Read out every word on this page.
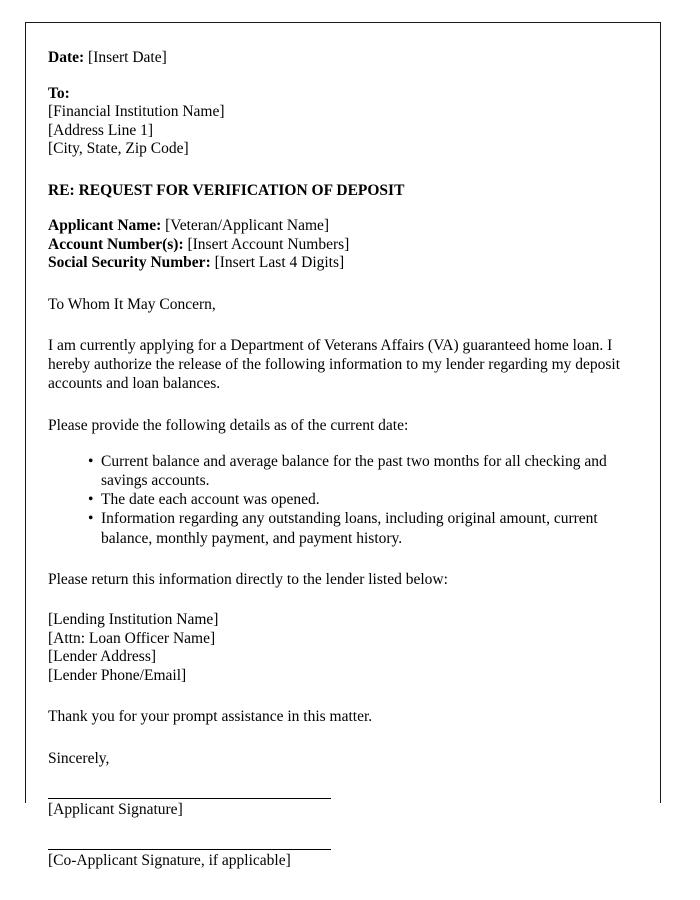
Date: [Insert Date]
To:
[Financial Institution Name]
[Address Line 1]
[City, State, Zip Code]
RE: REQUEST FOR VERIFICATION OF DEPOSIT
Applicant Name: [Veteran/Applicant Name]
Account Number(s): [Insert Account Numbers]
Social Security Number: [Insert Last 4 Digits]
To Whom It May Concern,
I am currently applying for a Department of Veterans Affairs (VA) guaranteed home loan. I hereby authorize the release of the following information to my lender regarding my deposit accounts and loan balances.
Please provide the following details as of the current date:
• Current balance and average balance for the past two months for all checking and savings accounts.
• The date each account was opened.
• Information regarding any outstanding loans, including original amount, current balance, monthly payment, and payment history.
Please return this information directly to the lender listed below:
[Lending Institution Name]
[Attn: Loan Officer Name]
[Lender Address]
[Lender Phone/Email]
Thank you for your prompt assistance in this matter.
Sincerely,
[Applicant Signature]
[Co-Applicant Signature, if applicable]
